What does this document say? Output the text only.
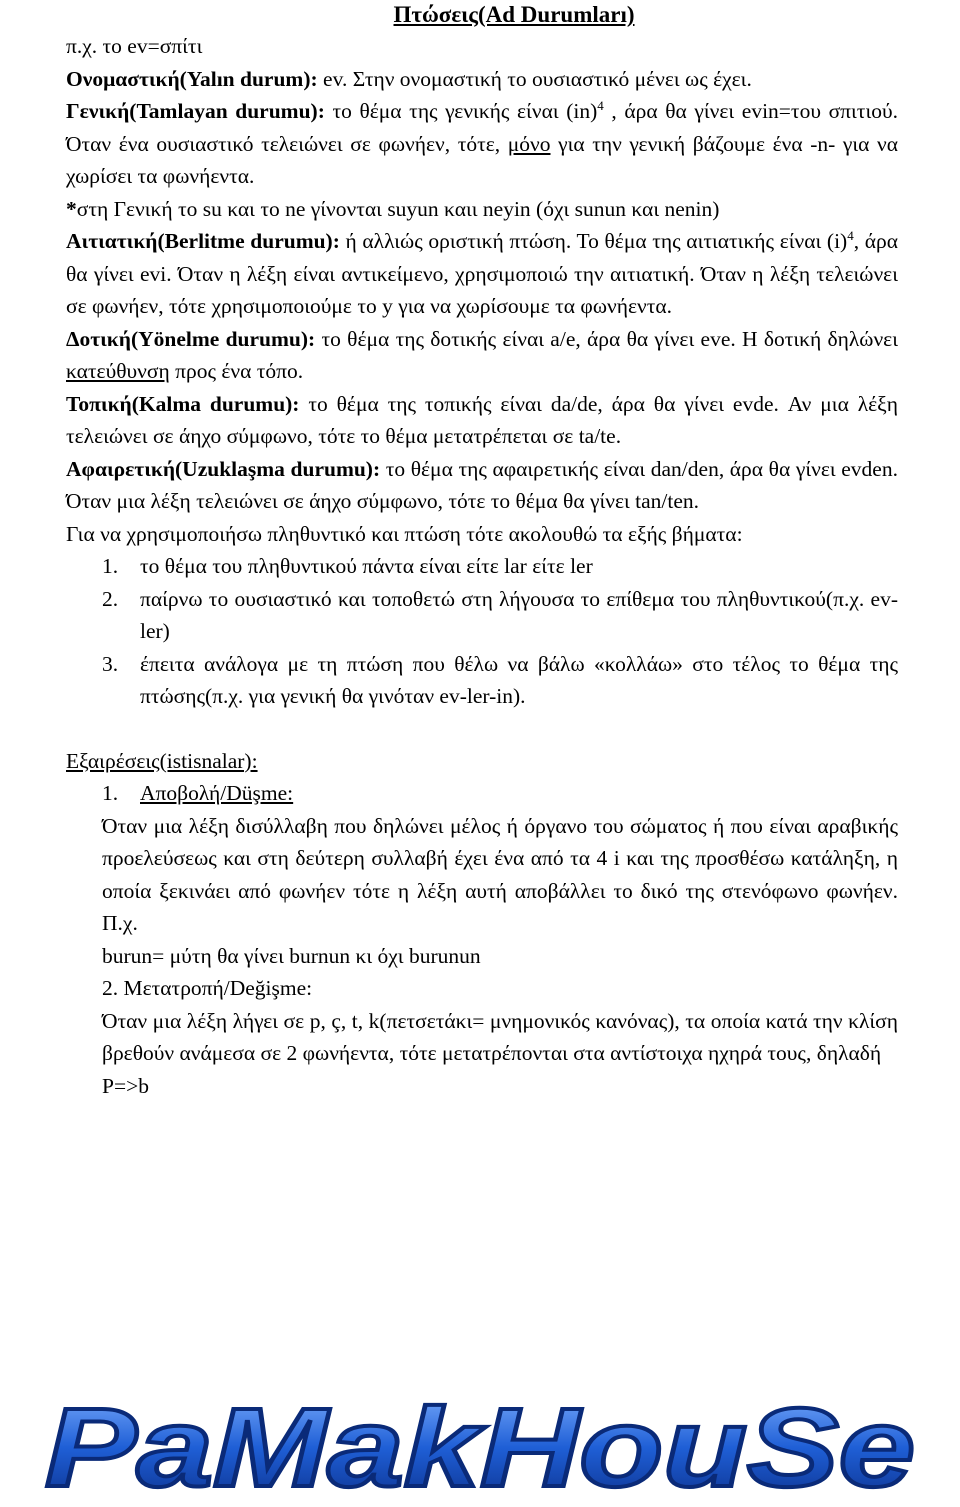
Πτώσεις(Ad Durumları)

π.χ. το ev=σπίτι

Ονομαστική(Yalın durum): ev. Στην ονομαστική το ουσιαστικό μένει ως έχει.

Γενική(Tamlayan durumu): το θέμα της γενικής είναι (in)$^4$ , άρα θα γίνει evin=του σπιτιού. Όταν ένα ουσιαστικό τελειώνει σε φωνήεν, τότε, μόνο για την γενική βάζουμε ένα -n- για να χωρίσει τα φωνήεντα.

*στη Γενική το su και το ne γίνονται suyun καιι neyin (όχι sunun και nenin)

Αιτιατική(Berlitme durumu): ή αλλιώς οριστική πτώση. Το θέμα της αιτιατικής είναι $(i)^4$, άρα θα γίνει evi. Όταν η λέξη είναι αντικείμενο, χρησιμοποιώ την αιτιατική. Όταν η λέξη τελειώνει σε φωνήεν, τότε χρησιμοποιούμε το y για να χωρίσουμε τα φωνήεντα.

Δοτική(Yönelme durumu): το θέμα της δοτικής είναι a/e, άρα θα γίνει eve. Η δοτική δηλώνει κατεύθυνση προς ένα τόπο.

Τοπική(Kalma durumu): το θέμα της τοπικής είναι da/de, άρα θα γίνει evde. Αν μια λέξη τελειώνει σε άηχο σύμφωνο, τότε το θέμα μετατρέπεται σε ta/te.

Αφαιρετική(Uzuklaşma durumu): το θέμα της αφαιρετικής είναι dan/den, άρα θα γίνει evden. Όταν μια λέξη τελειώνει σε άηχο σύμφωνο, τότε το θέμα θα γίνει tan/ten.

Για να χρησιμοποιήσω πληθυντικό και πτώση τότε ακολουθώ τα εξής βήματα:

1.	το θέμα του πληθυντικού πάντα είναι είτε lar είτε ler
2.	παίρνω το ουσιαστικό και τοποθετώ στη λήγουσα το επίθεμα του πληθυντικού(π.χ. ev-ler)
3.	έπειτα ανάλογα με τη πτώση που θέλω να βάλω «κολλάω» στο τέλος το θέμα της πτώσης(π.χ. για γενική θα γινόταν ev-ler-in).

Εξαιρέσεις(istisnalar):

1.	Αποβολή/Düşme:
Όταν μια λέξη δισύλλαβη που δηλώνει μέλος ή όργανο του σώματος ή που είναι αραβικής προελεύσεως και στη δεύτερη συλλαβή έχει ένα από τα 4 i και της προσθέσω κατάληξη, η οποία ξεκινάει από φωνήεν τότε η λέξη αυτή αποβάλλει το δικό της στενόφωνο φωνήεν. Π.χ.
burun= μύτη θα γίνει burnun κι όχι burunun
2. Μετατροπή/Değişme:
Όταν μια λέξη λήγει σε p, ç, t, k(πετσετάκι= μνημονικός κανόνας), τα οποία κατά την κλίση βρεθούν ανάμεσα σε 2 φωνήεντα, τότε μετατρέπονται στα αντίστοιχα ηχηρά τους, δηλαδή
P=>b
PaMakHouSe
